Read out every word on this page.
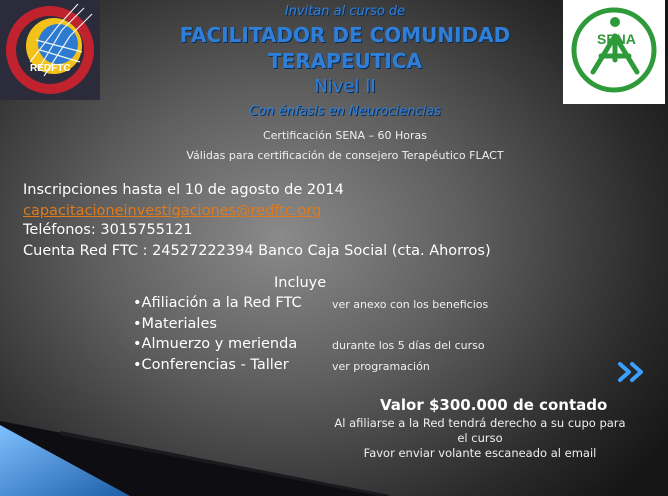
REDFTC
SENA
Invitan al curso de
FACILITADOR DE COMUNIDAD
TERAPEUTICA
Nivel II
Con énfasis en Neurociencias
Certificación SENA – 60 Horas
Válidas para certificación de consejero Terapéutico FLACT
Inscripciones hasta el 10 de agosto de 2014
capacitacioneinvestigaciones@redftc.org
Teléfonos: 3015755121
Cuenta Red FTC : 24527222394 Banco Caja Social (cta. Ahorros)
Incluye
•Afiliación a la Red FTC	ver anexo con los beneficios
•Materiales
•Almuerzo y merienda	durante los 5 días del curso
•Conferencias - Taller	ver programación
Valor $300.000 de contado
Al afiliarse a la Red tendrá derecho a su cupo para el curso
Favor enviar volante escaneado al email
